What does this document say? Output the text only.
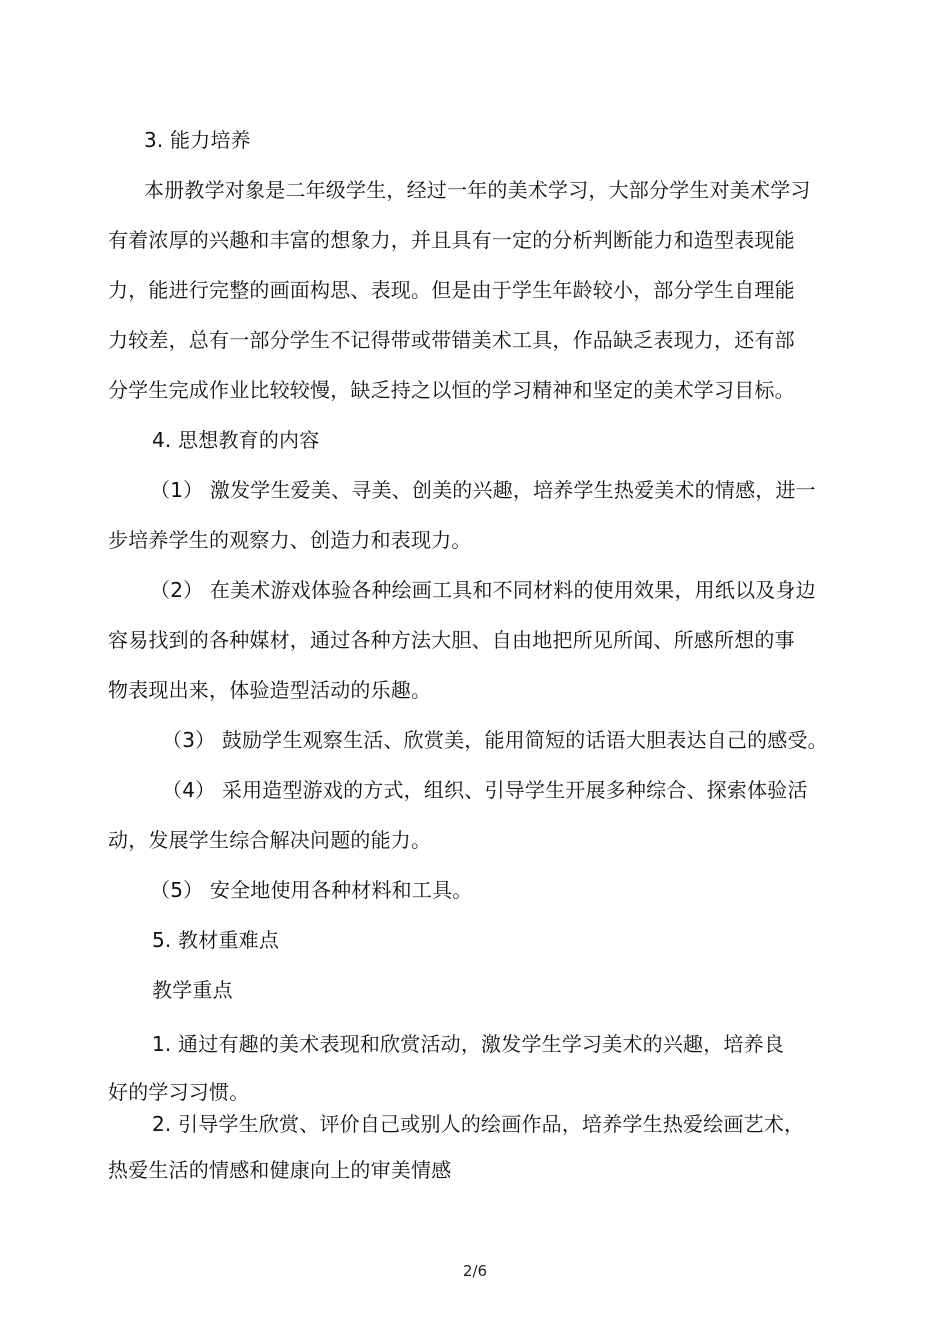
3. 能力培养
本册教学对象是二年级学生，经过一年的美术学习，大部分学生对美术学习
有着浓厚的兴趣和丰富的想象力，并且具有一定的分析判断能力和造型表现能
力，能进行完整的画面构思、表现。但是由于学生年龄较小，部分学生自理能
力较差，总有一部分学生不记得带或带错美术工具，作品缺乏表现力，还有部
分学生完成作业比较较慢，缺乏持之以恒的学习精神和坚定的美术学习目标。
4. 思想教育的内容
（1） 激发学生爱美、寻美、创美的兴趣，培养学生热爱美术的情感，进一
步培养学生的观察力、创造力和表现力。
（2） 在美术游戏体验各种绘画工具和不同材料的使用效果，用纸以及身边
容易找到的各种媒材，通过各种方法大胆、自由地把所见所闻、所感所想的事
物表现出来，体验造型活动的乐趣。
（3） 鼓励学生观察生活、欣赏美，能用简短的话语大胆表达自己的感受。
（4） 采用造型游戏的方式，组织、引导学生开展多种综合、探索体验活
动，发展学生综合解决问题的能力。
（5） 安全地使用各种材料和工具。
5. 教材重难点
教学重点
1. 通过有趣的美术表现和欣赏活动，激发学生学习美术的兴趣，培养良
好的学习习惯。
2. 引导学生欣赏、评价自己或别人的绘画作品，培养学生热爱绘画艺术，
热爱生活的情感和健康向上的审美情感
2/6
